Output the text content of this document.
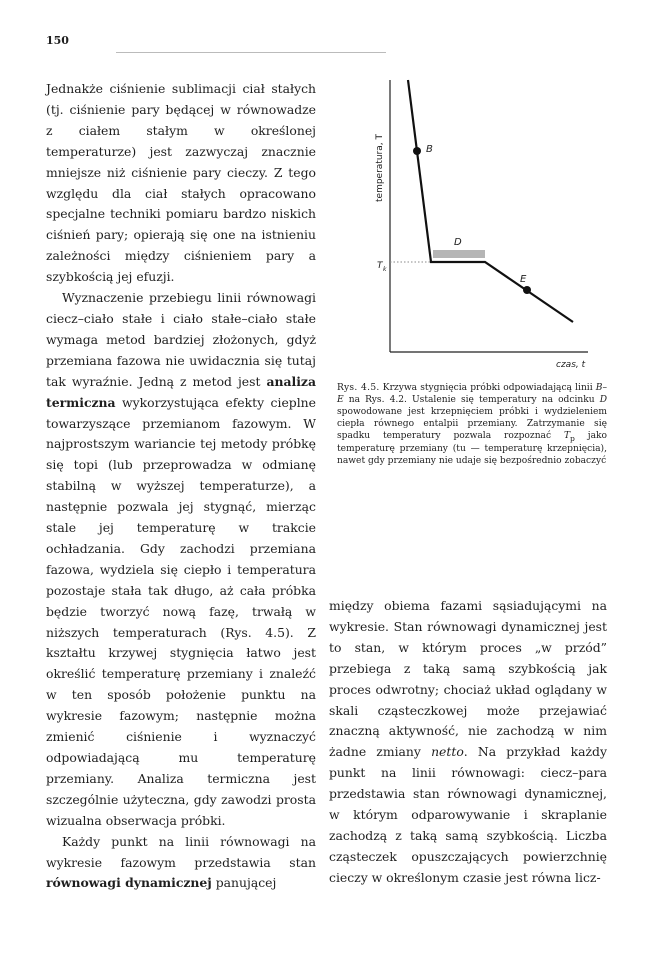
150

Jednakże ciśnienie sublimacji ciał stałych (tj. ciśnienie pary będącej w równowadze z ciałem stałym w określonej temperaturze) jest zazwyczaj znacznie mniejsze niż ciśnienie pary cieczy. Z tego względu dla ciał stałych opracowano specjalne techniki pomiaru bardzo niskich ciśnień pary; opierają się one na istnieniu zależności między ciśnieniem pary a szybkością jej efuzji.

Wyznaczenie przebiegu linii równowagi ciecz–ciało stałe i ciało stałe–ciało stałe wymaga metod bardziej złożonych, gdyż przemiana fazowa nie uwidacznia się tutaj tak wyraźnie. Jedną z metod jest analiza termiczna wykorzystująca efekty cieplne towarzyszące przemianom fazowym. W najprostszym wariancie tej metody próbkę się topi (lub przeprowadza w odmianę stabilną w wyższej temperaturze), a następnie pozwala jej stygnąć, mierząc stale jej temperaturę w trakcie ochładzania. Gdy zachodzi przemiana fazowa, wydziela się ciepło i temperatura pozostaje stała tak długo, aż cała próbka będzie tworzyć nową fazę, trwałą w niższych temperaturach (Rys. 4.5). Z kształtu krzywej stygnięcia łatwo jest określić temperaturę przemiany i znaleźć w ten sposób położenie punktu na wykresie fazowym; następnie można zmienić ciśnienie i wyznaczyć odpowiadającą mu temperaturę przemiany. Analiza termiczna jest szczególnie użyteczna, gdy zawodzi prosta wizualna obserwacja próbki.

Każdy punkt na linii równowagi na wykresie fazowym przedstawia stan równowagi dynamicznej panującej

temperatura, T
czas, t
T k
B
D
E
Rys. 4.5. Krzywa stygnięcia próbki odpowiadającą linii B–E na Rys. 4.2. Ustalenie się temperatury na odcinku D spowodowane jest krzepnięciem próbki i wydzieleniem ciepła równego entalpii przemiany. Zatrzymanie się spadku temperatury pozwala rozpoznać $T_p$ jako temperaturę przemiany (tu — temperaturę krzepnięcia), nawet gdy przemiany nie udaje się bezpośrednio zobaczyć

między obiema fazami sąsiadującymi na wykresie. Stan równowagi dynamicznej jest to stan, w którym proces „w przód” przebiega z taką samą szybkością jak proces odwrotny; chociaż układ oglądany w skali cząsteczkowej może przejawiać znaczną aktywność, nie zachodzą w nim żadne zmiany netto. Na przykład każdy punkt na linii równowagi: ciecz–para przedstawia stan równowagi dynamicznej, w którym odparowywanie i skraplanie zachodzą z taką samą szybkością. Liczba cząsteczek opuszczających powierzchnię cieczy w określonym czasie jest równa licz-
